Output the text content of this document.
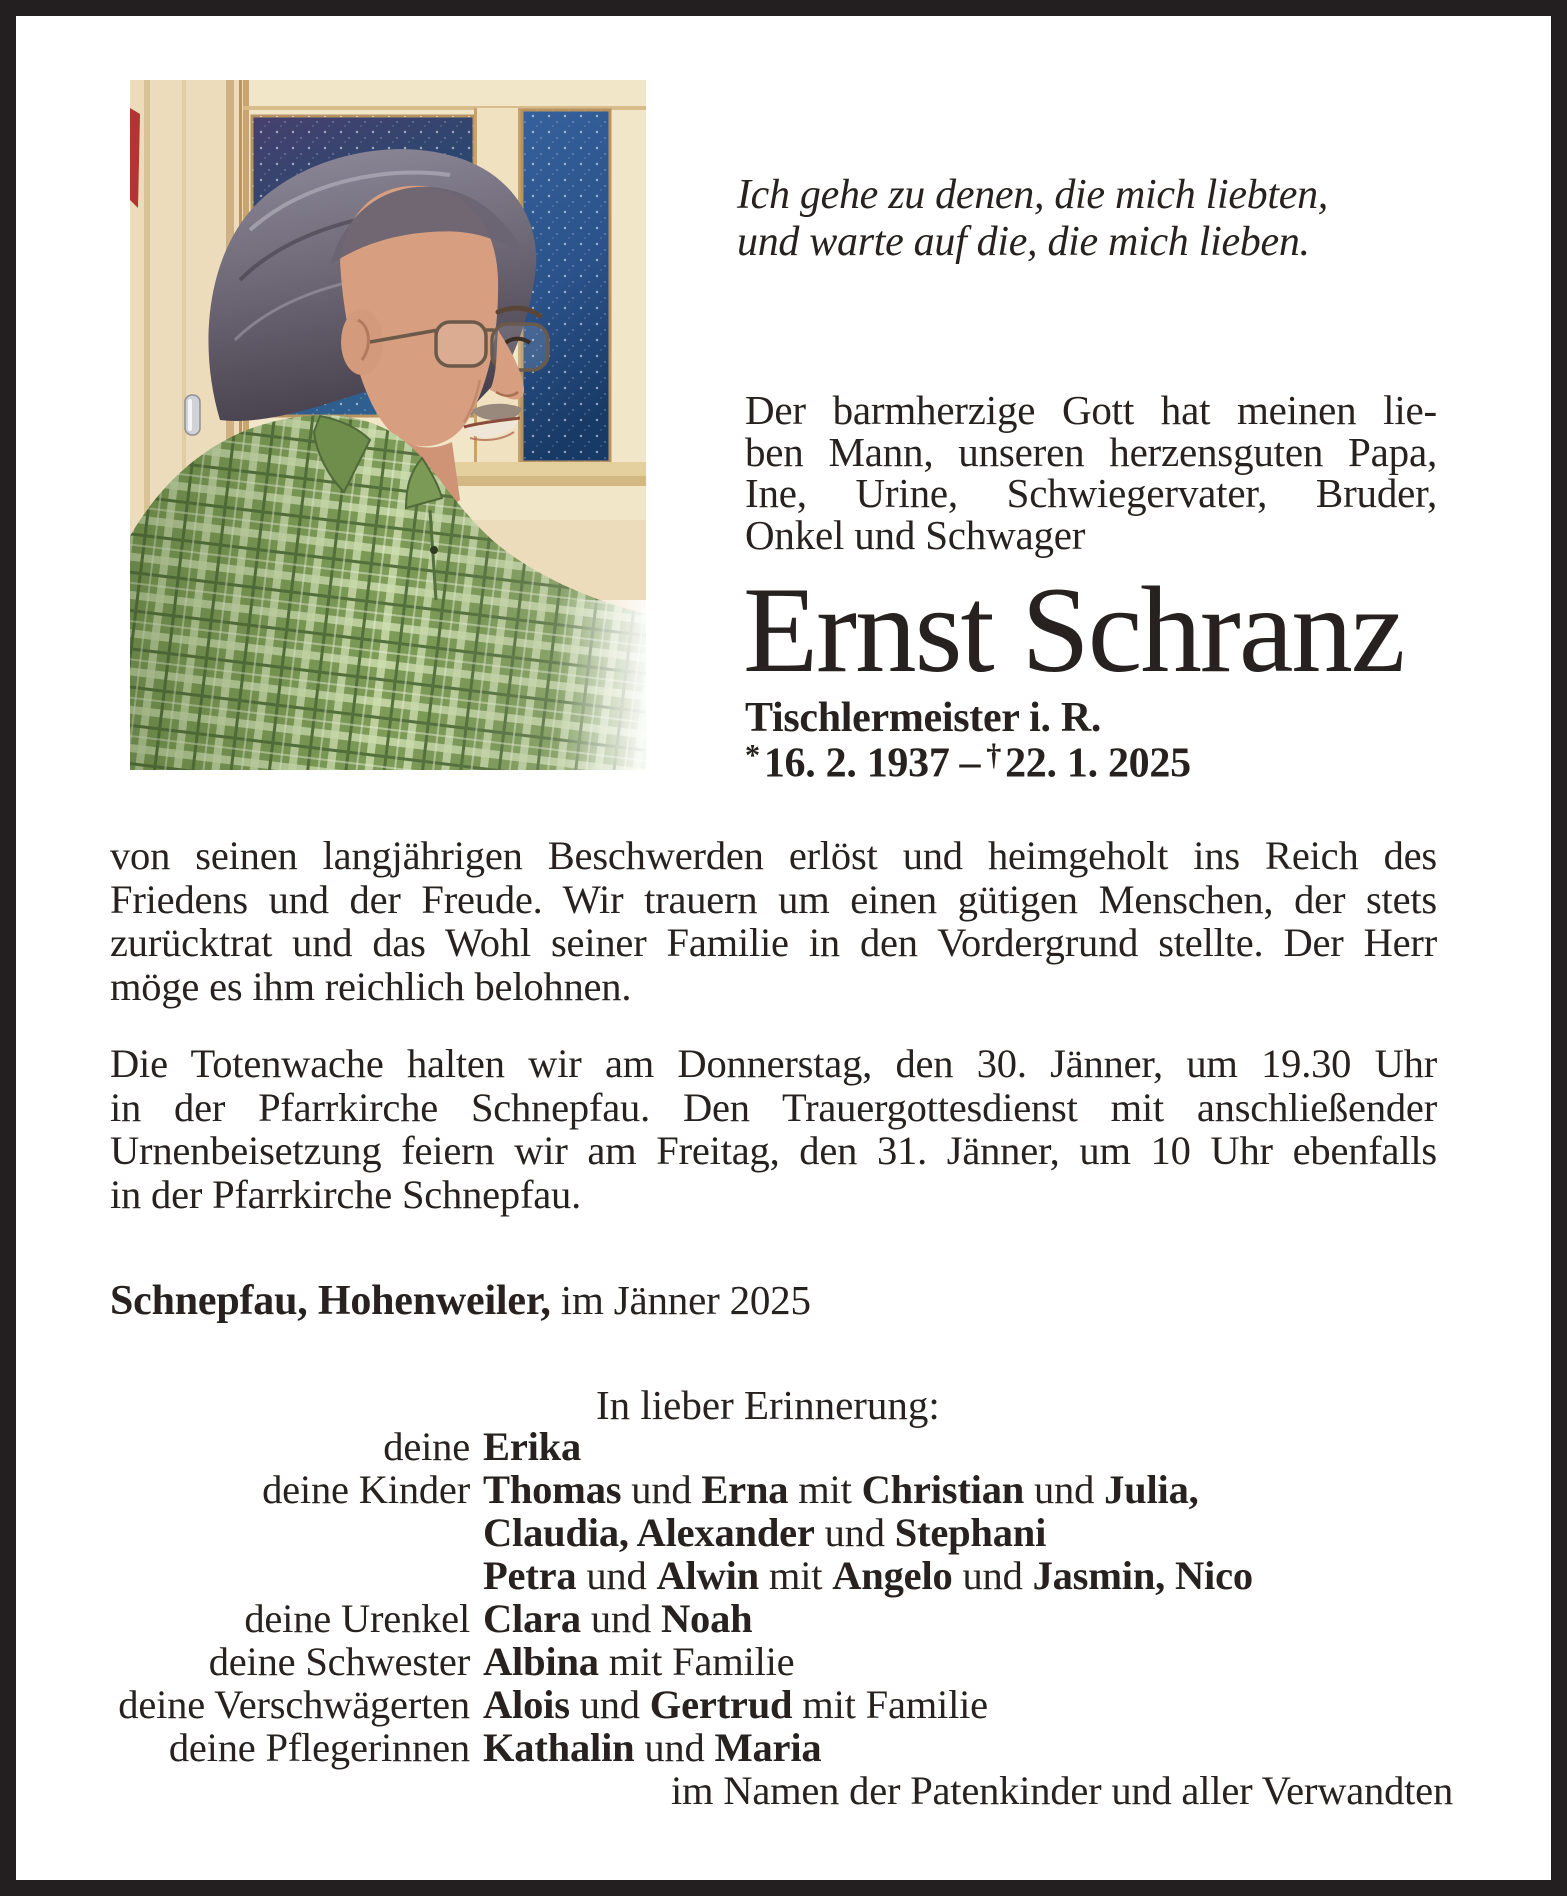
Ich gehe zu denen, die mich liebten,
und warte auf die, die mich lieben.
Der barmherzige Gott hat meinen lie-
ben Mann, unseren herzensguten Papa,
Ine, Urine, Schwiegervater, Bruder,
Onkel und Schwager
Ernst Schranz
Tischlermeister i. R.
*16. 2. 1937 – †22. 1. 2025
von seinen langjährigen Beschwerden erlöst und heimgeholt ins Reich des
Friedens und der Freude. Wir trauern um einen gütigen Menschen, der stets
zurücktrat und das Wohl seiner Familie in den Vordergrund stellte. Der Herr
möge es ihm reichlich belohnen.
Die Totenwache halten wir am Donnerstag, den 30. Jänner, um 19.30 Uhr
in der Pfarrkirche Schnepfau. Den Trauergottesdienst mit anschließender
Urnenbeisetzung feiern wir am Freitag, den 31. Jänner, um 10 Uhr ebenfalls
in der Pfarrkirche Schnepfau.
Schnepfau, Hohenweiler, im Jänner 2025
In lieber Erinnerung:
deine Erika
deine Kinder Thomas und Erna mit Christian und Julia,
Claudia, Alexander und Stephani
Petra und Alwin mit Angelo und Jasmin, Nico
deine Urenkel Clara und Noah
deine Schwester Albina mit Familie
deine Verschwägerten Alois und Gertrud mit Familie
deine Pflegerinnen Kathalin und Maria
im Namen der Patenkinder und aller Verwandten
